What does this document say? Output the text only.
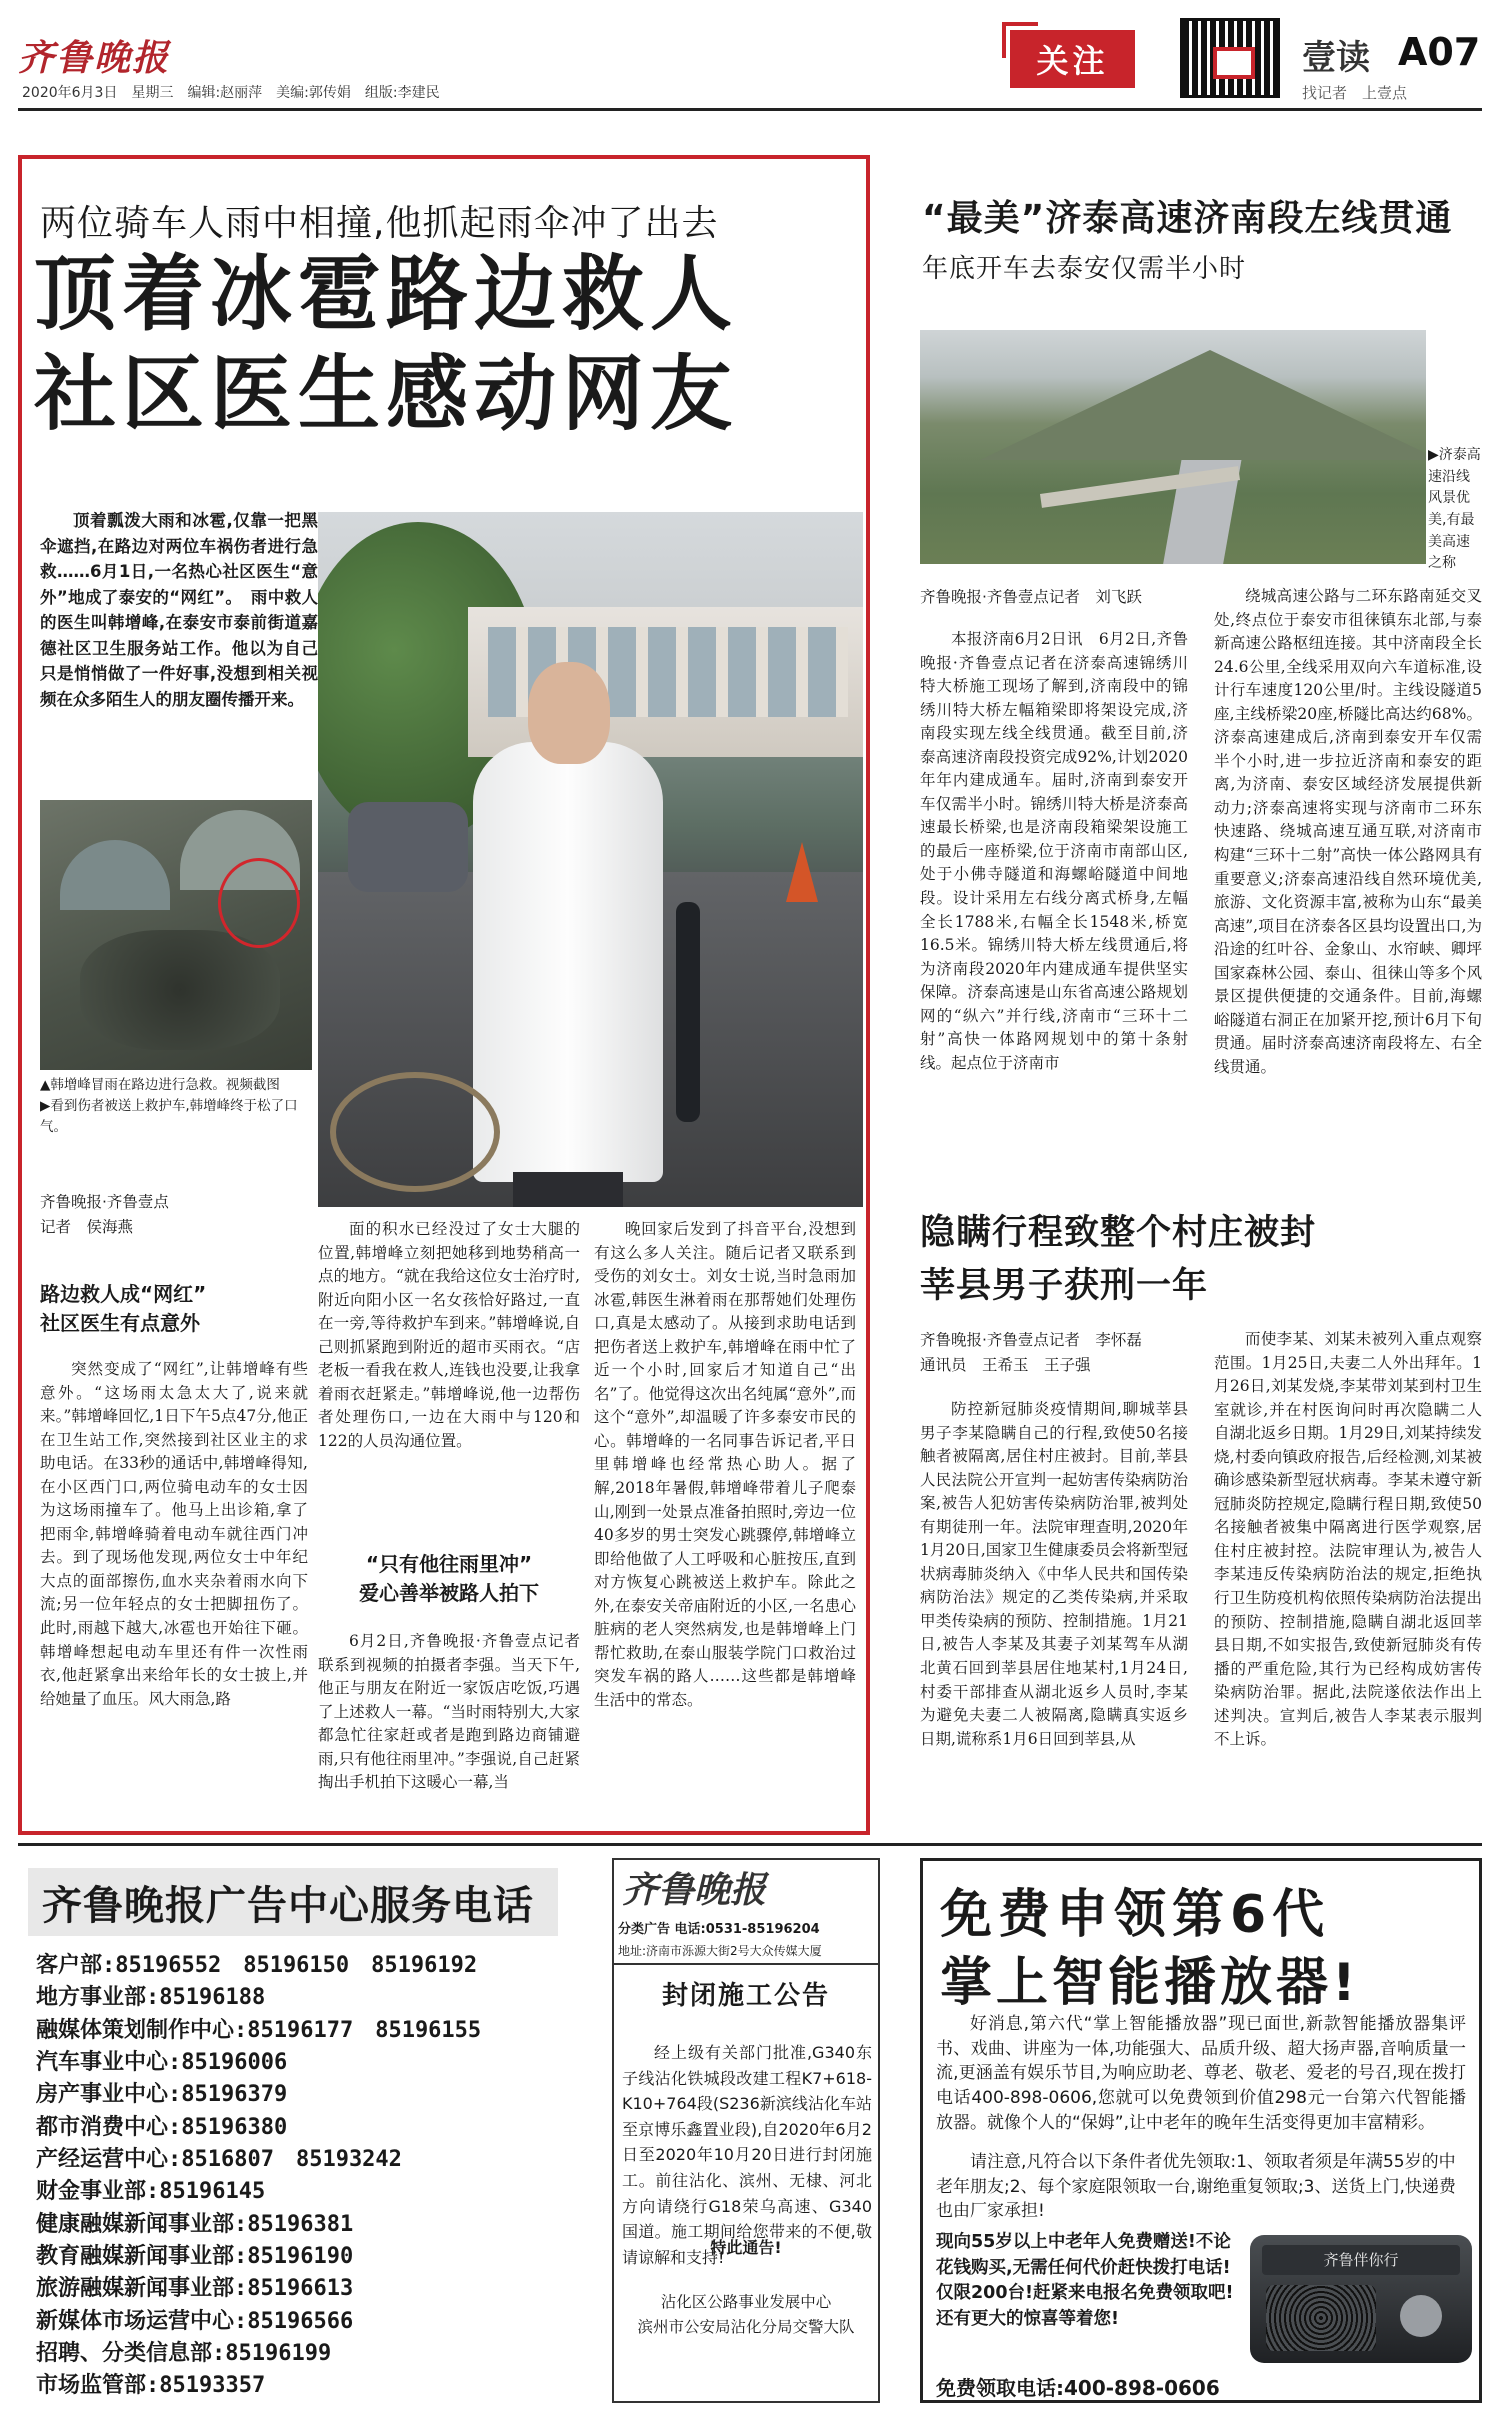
齐鲁晚报
2020年6月3日　星期三　编辑:赵丽萍　美编:郭传娟　组版:李建民
关注	壹读 A07
找记者　上壹点
两位骑车人雨中相撞,他抓起雨伞冲了出去
顶着冰雹路边救人
社区医生感动网友
顶着瓢泼大雨和冰雹,仅靠一把黑伞遮挡,在路边对两位车祸伤者进行急救……6月1日,一名热心社区医生“意外”地成了泰安的“网红”。　雨中救人的医生叫韩增峰,在泰安市泰前街道嘉德社区卫生服务站工作。他以为自己只是悄悄做了一件好事,没想到相关视频在众多陌生人的朋友圈传播开来。
▲韩增峰冒雨在路边进行急救。视频截图
▶看到伤者被送上救护车,韩增峰终于松了口气。
齐鲁晚报·齐鲁壹点
记者　侯海燕
路边救人成“网红”
社区医生有点意外
突然变成了“网红”,让韩增峰有些意外。“这场雨太急太大了,说来就来。”韩增峰回忆,1日下午5点47分,他正在卫生站工作,突然接到社区业主的求助电话。在33秒的通话中,韩增峰得知,在小区西门口,两位骑电动车的女士因为这场雨撞车了。他马上出诊箱,拿了把雨伞,韩增峰骑着电动车就往西门冲去。到了现场他发现,两位女士中年纪大点的面部擦伤,血水夹杂着雨水向下流;另一位年轻点的女士把脚扭伤了。此时,雨越下越大,冰雹也开始往下砸。韩增峰想起电动车里还有件一次性雨衣,他赶紧拿出来给年长的女士披上,并给她量了血压。风大雨急,路
面的积水已经没过了女士大腿的位置,韩增峰立刻把她移到地势稍高一点的地方。“就在我给这位女士治疗时,附近向阳小区一名女孩恰好路过,一直在一旁,等待救护车到来。”韩增峰说,自己则抓紧跑到附近的超市买雨衣。“店老板一看我在救人,连钱也没要,让我拿着雨衣赶紧走。”韩增峰说,他一边帮伤者处理伤口,一边在大雨中与120和122的人员沟通位置。
“只有他往雨里冲”
爱心善举被路人拍下
6月2日,齐鲁晚报·齐鲁壹点记者联系到视频的拍摄者李强。当天下午,他正与朋友在附近一家饭店吃饭,巧遇了上述救人一幕。“当时雨特别大,大家都急忙往家赶或者是跑到路边商铺避雨,只有他往雨里冲。”李强说,自己赶紧掏出手机拍下这暖心一幕,当
晚回家后发到了抖音平台,没想到有这么多人关注。随后记者又联系到受伤的刘女士。刘女士说,当时急雨加冰雹,韩医生淋着雨在那帮她们处理伤口,真是太感动了。从接到求助电话到把伤者送上救护车,韩增峰在雨中忙了近一个小时,回家后才知道自己“出名”了。他觉得这次出名纯属“意外”,而这个“意外”,却温暖了许多泰安市民的心。韩增峰的一名同事告诉记者,平日里韩增峰也经常热心助人。据了解,2018年暑假,韩增峰带着儿子爬泰山,刚到一处景点准备拍照时,旁边一位40多岁的男士突发心跳骤停,韩增峰立即给他做了人工呼吸和心脏按压,直到对方恢复心跳被送上救护车。除此之外,在泰安关帝庙附近的小区,一名患心脏病的老人突然病发,也是韩增峰上门帮忙救助,在泰山服装学院门口救治过突发车祸的路人……这些都是韩增峰生活中的常态。
“最美”济泰高速济南段左线贯通
年底开车去泰安仅需半小时
▶济泰高速沿线风景优美,有最美高速之称
齐鲁晚报·齐鲁壹点记者　刘飞跃
本报济南6月2日讯　6月2日,齐鲁晚报·齐鲁壹点记者在济泰高速锦绣川特大桥施工现场了解到,济南段中的锦绣川特大桥左幅箱梁即将架设完成,济南段实现左线全线贯通。截至目前,济泰高速济南段投资完成92%,计划2020年年内建成通车。届时,济南到泰安开车仅需半小时。锦绣川特大桥是济泰高速最长桥梁,也是济南段箱梁架设施工的最后一座桥梁,位于济南市南部山区,处于小佛寺隧道和海螺峪隧道中间地段。设计采用左右线分离式桥身,左幅全长1788米,右幅全长1548米,桥宽16.5米。锦绣川特大桥左线贯通后,将为济南段2020年内建成通车提供坚实保障。济泰高速是山东省高速公路规划网的“纵六”并行线,济南市“三环十二射”高快一体路网规划中的第十条射线。起点位于济南市
绕城高速公路与二环东路南延交叉处,终点位于泰安市徂徕镇东北部,与泰新高速公路枢纽连接。其中济南段全长24.6公里,全线采用双向六车道标准,设计行车速度120公里/时。主线设隧道5座,主线桥梁20座,桥隧比高达约68%。济泰高速建成后,济南到泰安开车仅需半个小时,进一步拉近济南和泰安的距离,为济南、泰安区域经济发展提供新动力;济泰高速将实现与济南市二环东快速路、绕城高速互通互联,对济南市构建“三环十二射”高快一体公路网具有重要意义;济泰高速沿线自然环境优美,旅游、文化资源丰富,被称为山东“最美高速”,项目在济泰各区县均设置出口,为沿途的红叶谷、金象山、水帘峡、卿坪国家森林公园、泰山、徂徕山等多个风景区提供便捷的交通条件。目前,海螺峪隧道右洞正在加紧开挖,预计6月下旬贯通。届时济泰高速济南段将左、右全线贯通。
隐瞒行程致整个村庄被封
莘县男子获刑一年
齐鲁晚报·齐鲁壹点记者　李怀磊
通讯员　王希玉　王子强
防控新冠肺炎疫情期间,聊城莘县男子李某隐瞒自己的行程,致使50名接触者被隔离,居住村庄被封。目前,莘县人民法院公开宣判一起妨害传染病防治案,被告人犯妨害传染病防治罪,被判处有期徒刑一年。法院审理查明,2020年1月20日,国家卫生健康委员会将新型冠状病毒肺炎纳入《中华人民共和国传染病防治法》规定的乙类传染病,并采取甲类传染病的预防、控制措施。1月21日,被告人李某及其妻子刘某驾车从湖北黄石回到莘县居住地某村,1月24日,村委干部排查从湖北返乡人员时,李某为避免夫妻二人被隔离,隐瞒真实返乡日期,谎称系1月6日回到莘县,从
而使李某、刘某未被列入重点观察范围。1月25日,夫妻二人外出拜年。1月26日,刘某发烧,李某带刘某到村卫生室就诊,并在村医询问时再次隐瞒二人自湖北返乡日期。1月29日,刘某持续发烧,村委向镇政府报告,后经检测,刘某被确诊感染新型冠状病毒。李某未遵守新冠肺炎防控规定,隐瞒行程日期,致使50名接触者被集中隔离进行医学观察,居住村庄被封控。法院审理认为,被告人李某违反传染病防治法的规定,拒绝执行卫生防疫机构依照传染病防治法提出的预防、控制措施,隐瞒自湖北返回莘县日期,不如实报告,致使新冠肺炎有传播的严重危险,其行为已经构成妨害传染病防治罪。据此,法院遂依法作出上述判决。宣判后,被告人李某表示服判不上诉。
齐鲁晚报广告中心服务电话
客户部:85196552　85196150　85196192
地方事业部:85196188
融媒体策划制作中心:85196177　85196155
汽车事业中心:85196006
房产事业中心:85196379
都市消费中心:85196380
产经运营中心:8516807　85193242
财金事业部:85196145
健康融媒新闻事业部:85196381
教育融媒新闻事业部:85196190
旅游融媒新闻事业部:85196613
新媒体市场运营中心:85196566
招聘、分类信息部:85196199
市场监管部:85193357
齐鲁晚报
分类广告 电话:0531-85196204
地址:济南市泺源大街2号大众传媒大厦
封闭施工公告
经上级有关部门批准,G340东子线沾化铁城段改建工程K7+618-K10+764段(S236新滨线沾化车站至京博乐鑫置业段),自2020年6月2日至2020年10月20日进行封闭施工。前往沾化、滨州、无棣、河北方向请绕行G18荣乌高速、G340国道。施工期间给您带来的不便,敬请谅解和支持!
特此通告!
沾化区公路事业发展中心
滨州市公安局沾化分局交警大队
免费申领第6代
掌上智能播放器!
好消息,第六代“掌上智能播放器”现已面世,新款智能播放器集评书、戏曲、讲座为一体,功能强大、品质升级、超大扬声器,音响质量一流,更涵盖有娱乐节目,为响应助老、尊老、敬老、爱老的号召,现在拨打电话400-898-0606,您就可以免费领到价值298元一台第六代智能播放器。就像个人的“保姆”,让中老年的晚年生活变得更加丰富精彩。
请注意,凡符合以下条件者优先领取:1、领取者须是年满55岁的中老年朋友;2、每个家庭限领取一台,谢绝重复领取;3、送货上门,快递费也由厂家承担!
现向55岁以上中老年人免费赠送!不论花钱购买,无需任何代价赶快拨打电话!仅限200台!赶紧来电报名免费领取吧!还有更大的惊喜等着您!
齐鲁伴你行
免费领取电话:400-898-0606
